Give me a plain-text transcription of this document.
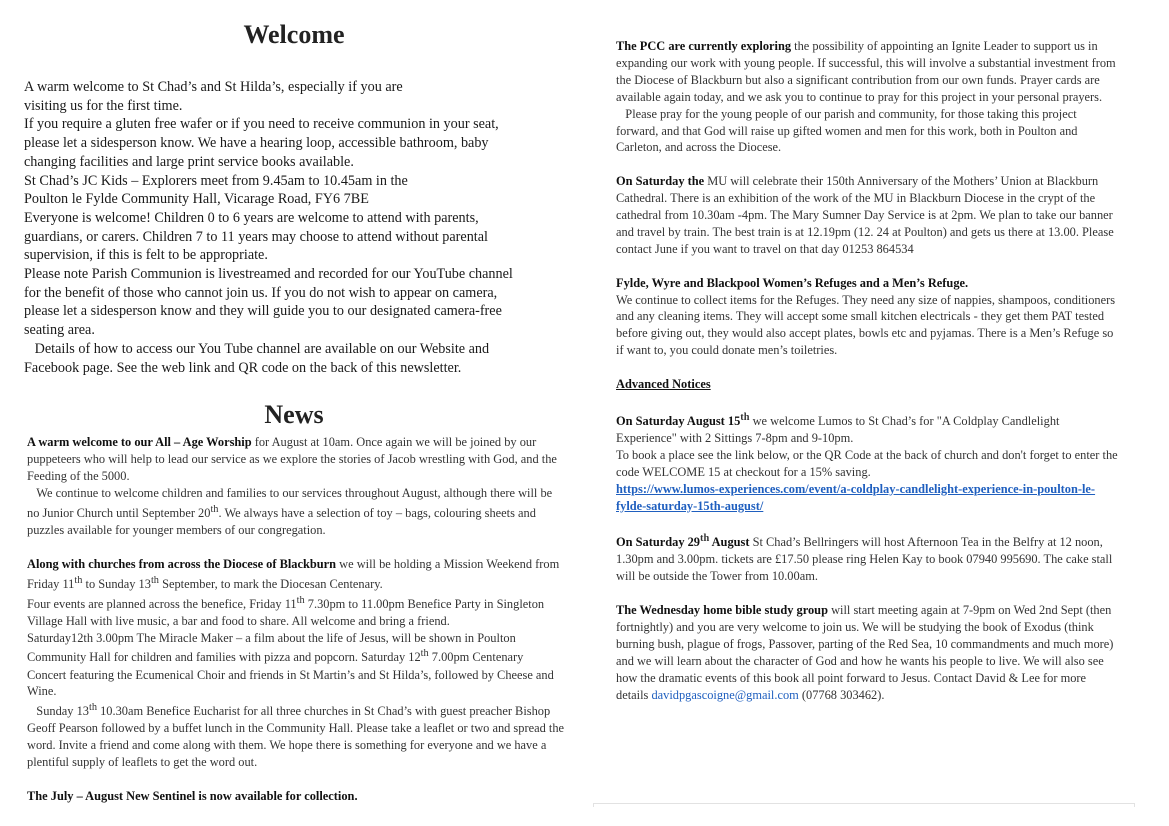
Welcome

A warm welcome to St Chad’s and St Hilda’s, especially if you are

visiting us for the first time.

If you require a gluten free wafer or if you need to receive communion in your seat,

please let a sidesperson know. We have a hearing loop, accessible bathroom, baby

changing facilities and large print service books available.

St Chad’s JC Kids – Explorers meet from 9.45am to 10.45am in the

Poulton le Fylde Community Hall, Vicarage Road, FY6 7BE

Everyone is welcome! Children 0 to 6 years are welcome to attend with parents,

guardians, or carers. Children 7 to 11 years may choose to attend without parental

supervision, if this is felt to be appropriate.

Please note Parish Communion is livestreamed and recorded for our YouTube channel

for the benefit of those who cannot join us. If you do not wish to appear on camera,

please let a sidesperson know and they will guide you to our designated camera-free

seating area.

Details of how to access our You Tube channel are available on our Website and

Facebook page. See the web link and QR code on the back of this newsletter.

News

A warm welcome to our All – Age Worship for August at 10am. Once again we will be joined by our puppeteers who will help to lead our service as we explore the stories of Jacob wrestling with God, and the Feeding of the 5000.

We continue to welcome children and families to our services throughout August, although there will be no Junior Church until September 20th. We always have a selection of toy – bags, colouring sheets and puzzles available for younger members of our congregation.

Along with churches from across the Diocese of Blackburn we will be holding a Mission Weekend from Friday 11th to Sunday 13th September, to mark the Diocesan Centenary.

Four events are planned across the benefice, Friday 11th 7.30pm to 11.00pm Benefice Party in Singleton Village Hall with live music, a bar and food to share. All welcome and bring a friend.

Saturday12th 3.00pm The Miracle Maker – a film about the life of Jesus, will be shown in Poulton Community Hall for children and families with pizza and popcorn. Saturday 12th 7.00pm Centenary Concert featuring the Ecumenical Choir and friends in St Martin’s and St Hilda’s, followed by Cheese and Wine.

Sunday 13th 10.30am Benefice Eucharist for all three churches in St Chad’s with guest preacher Bishop Geoff Pearson followed by a buffet lunch in the Community Hall. Please take a leaflet or two and spread the word. Invite a friend and come along with them. We hope there is something for everyone and we have a plentiful supply of leaflets to get the word out.

The July – August New Sentinel is now available for collection.

The PCC are currently exploring the possibility of appointing an Ignite Leader to support us in expanding our work with young people. If successful, this will involve a substantial investment from the Diocese of Blackburn but also a significant contribution from our own funds. Prayer cards are available again today, and we ask you to continue to pray for this project in your personal prayers.

Please pray for the young people of our parish and community, for those taking this project forward, and that God will raise up gifted women and men for this work, both in Poulton and Carleton, and across the Diocese.

On Saturday the MU will celebrate their 150th Anniversary of the Mothers’ Union at Blackburn Cathedral. There is an exhibition of the work of the MU in Blackburn Diocese in the crypt of the cathedral from 10.30am -4pm. The Mary Sumner Day Service is at 2pm. We plan to take our banner and travel by train. The best train is at 12.19pm (12. 24 at Poulton) and gets us there at 13.00. Please contact June if you want to travel on that day 01253 864534

Fylde, Wyre and Blackpool Women’s Refuges and a Men’s Refuge.

We continue to collect items for the Refuges. They need any size of nappies, shampoos, conditioners and any cleaning items. They will accept some small kitchen electricals - they get them PAT tested before giving out, they would also accept plates, bowls etc and pyjamas. There is a Men’s Refuge so if want to, you could donate men’s toiletries.

Advanced Notices

On Saturday August 15th we welcome Lumos to St Chad’s for "A Coldplay Candlelight Experience" with 2 Sittings 7-8pm and 9-10pm.

To book a place see the link below, or the QR Code at the back of church and don't forget to enter the code WELCOME 15 at checkout for a 15% saving.

https://www.lumos-experiences.com/event/a-coldplay-candlelight-experience-in-poulton-le-fylde-saturday-15th-august/

On Saturday 29th August St Chad’s Bellringers will host Afternoon Tea in the Belfry at 12 noon, 1.30pm and 3.00pm. tickets are £17.50 please ring Helen Kay to book 07940 995690. The cake stall will be outside the Tower from 10.00am.

The Wednesday home bible study group will start meeting again at 7-9pm on Wed 2nd Sept (then fortnightly) and you are very welcome to join us. We will be studying the book of Exodus (think burning bush, plague of frogs, Passover, parting of the Red Sea, 10 commandments and much more) and we will learn about the character of God and how he wants his people to live. We will also see how the dramatic events of this book all point forward to Jesus. Contact David & Lee for more

details davidpgascoigne@gmail.com (07768 303462).
